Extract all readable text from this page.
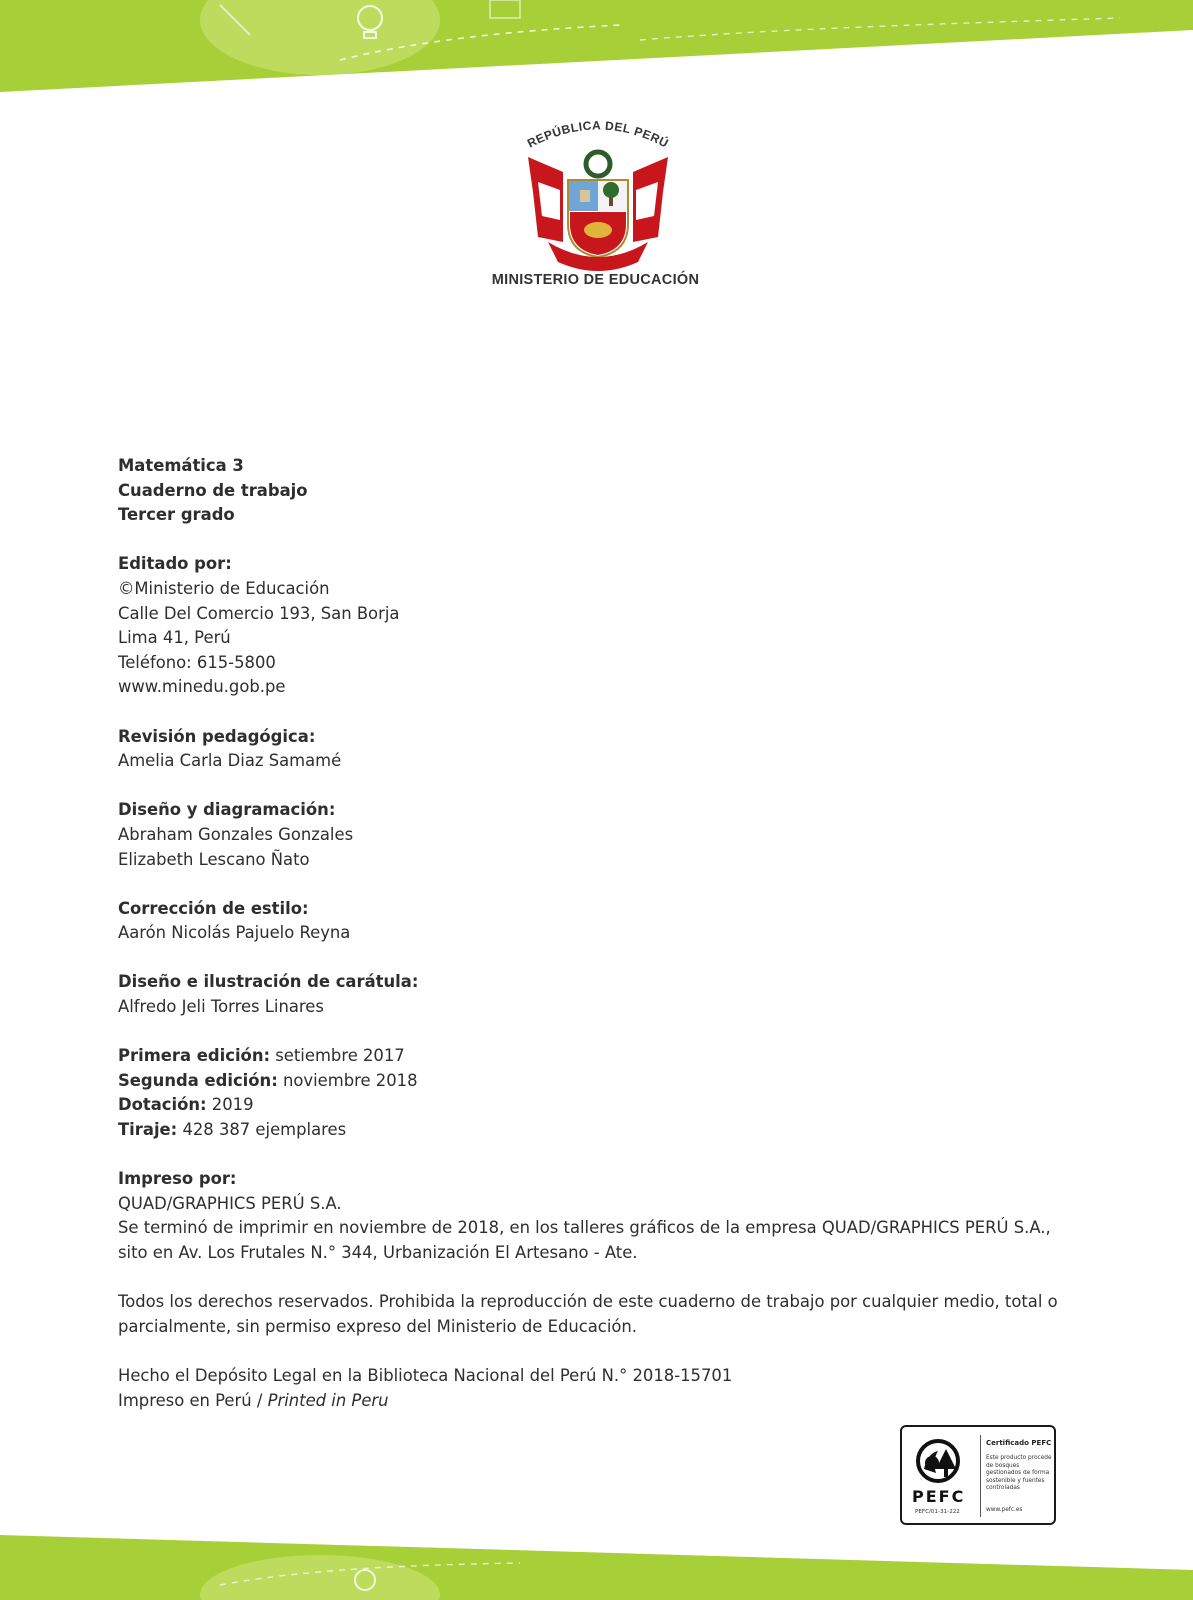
REPÚBLICA DEL PERÚ
MINISTERIO DE EDUCACIÓN
Matemática 3
Cuaderno de trabajo
Tercer grado
Editado por:
©Ministerio de Educación
Calle Del Comercio 193, San Borja
Lima 41, Perú
Teléfono: 615-5800
www.minedu.gob.pe
Revisión pedagógica:
Amelia Carla Diaz Samamé
Diseño y diagramación:
Abraham Gonzales Gonzales
Elizabeth Lescano Ñato
Corrección de estilo:
Aarón Nicolás Pajuelo Reyna
Diseño e ilustración de carátula:
Alfredo Jeli Torres Linares
Primera edición: setiembre 2017
Segunda edición: noviembre 2018
Dotación: 2019
Tiraje: 428 387 ejemplares
Impreso por:
QUAD/GRAPHICS PERÚ S.A.
Se terminó de imprimir en noviembre de 2018, en los talleres gráficos de la empresa QUAD/GRAPHICS PERÚ S.A., sito en Av. Los Frutales N.° 344, Urbanización El Artesano - Ate.
Todos los derechos reservados. Prohibida la reproducción de este cuaderno de trabajo por cualquier medio, total o parcialmente, sin permiso expreso del Ministerio de Educación.
Hecho el Depósito Legal en la Biblioteca Nacional del Perú N.° 2018-15701
Impreso en Perú / Printed in Peru
PEFC
PEFC/01-31-222
Certificado PEFC
Este producto procede de bosques gestionados de forma sostenible y fuentes controladas
www.pefc.es
